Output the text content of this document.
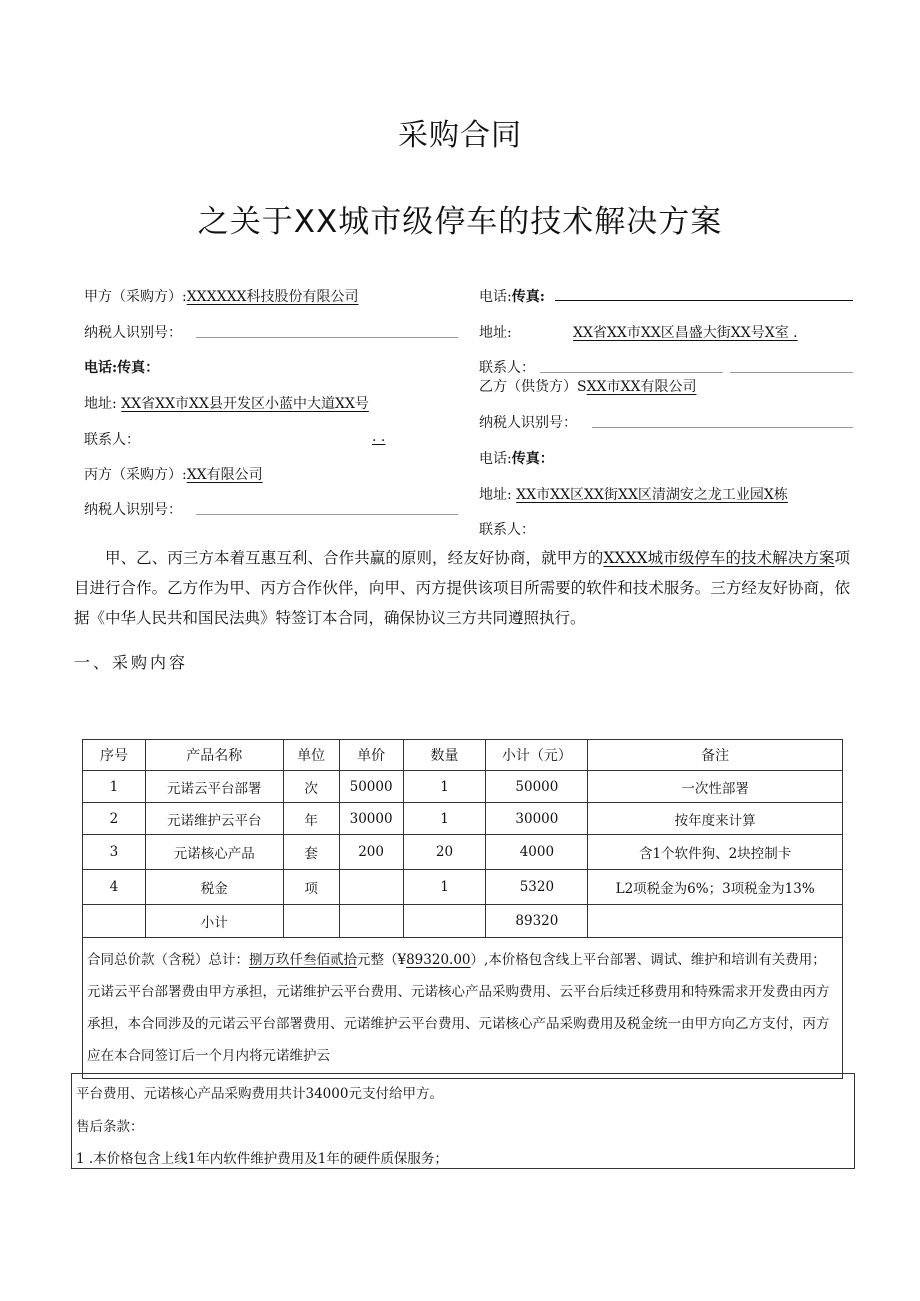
采购合同
之关于XX城市级停车的技术解决方案
甲方（采购方）:XXXXXX科技股份有限公司
纳税人识别号：
电话:传真：
地址: XX省XX市XX县开发区小蓝中大道XX号
联系人：	. .
丙方（采购方）:XX有限公司
纳税人识别号：
电话:传真:
地址:	XX省XX市XX区昌盛大街XX号X室 .
联系人：
乙方（供货方）SXX市XX有限公司
纳税人识别号：
电话:传真：
地址: XX市XX区XX街XX区清湖安之龙工业园X栋
联系人：

甲、乙、丙三方本着互惠互利、合作共赢的原则，经友好协商，就甲方的XXXX城市级停车的技术解决方案项目进行合作。乙方作为甲、丙方合作伙伴，向甲、丙方提供该项目所需要的软件和技术服务。三方经友好协商，依据《中华人民共和国民法典》特签订本合同，确保协议三方共同遵照执行。

一、采购内容
序号	产品名称	单位	单价	数量	小计（元）	备注
1	元诺云平台部署	次	50000	1	50000	一次性部署
2	元诺维护云平台	年	30000	1	30000	按年度来计算
3	元诺核心产品	套	200	20	4000	含1个软件狗、2块控制卡
4	税金	项		1	5320	L2项税金为6%；3项税金为13%
	小计				89320	
合同总价款（含税）总计：捌万玖仟叁佰贰拾元整（¥89320.00）,本价格包含线上平台部署、调试、维护和培训有关费用；元诺云平台部署费由甲方承担，元诺维护云平台费用、元诺核心产品采购费用、云平台后续迁移费用和特殊需求开发费由丙方承担，本合同涉及的元诺云平台部署费用、元诺维护云平台费用、元诺核心产品采购费用及税金统一由甲方向乙方支付，丙方应在本合同签订后一个月内将元诺维护云						
平台费用、元诺核心产品采购费用共计34000元支付给甲方。
售后条款：
1 .本价格包含上线1年内软件维护费用及1年的硬件质保服务；
